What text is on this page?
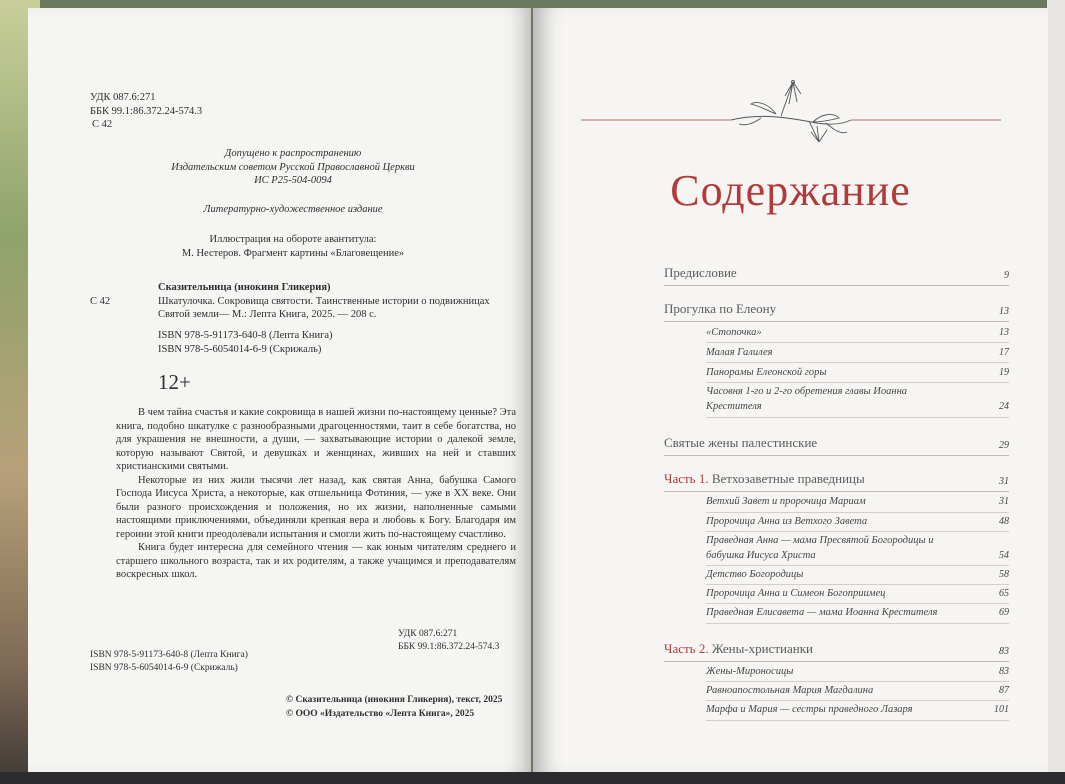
УДК 087.6:271
ББК 99.1:86.372.24-574.3
С 42
Допущено к распространению
Издательским советом Русской Православной Церкви
ИС Р25-504-0094
Литературно-художественное издание
Иллюстрация на обороте авантитула:
М. Нестеров. Фрагмент картины «Благовещение»
Сказительница (инокиня Гликерия)
С 42	Шкатулочка. Сокровища святости. Таинственные истории о подвижницах
Святой земли— М.: Лепта Книга, 2025. — 208 с.
ISBN 978-5-91173-640-8 (Лепта Книга)
ISBN 978-5-6054014-6-9 (Скрижаль)
12+

В чем тайна счастья и какие сокровища в нашей жизни по-настоящему ценные? Эта книга, подобно шкатулке с разнообразными драгоценностями, таит в себе богатства, но для украшения не внешности, а души, — захватывающие истории о далекой земле, которую называют Святой, и девушках и женщинах, живших на ней и ставших христианскими святыми.

Некоторые из них жили тысячи лет назад, как святая Анна, бабушка Самого Господа Иисуса Христа, а некоторые, как отшельница Фотиния, — уже в XX веке. Они были разного происхождения и положения, но их жизни, наполненные самыми настоящими приключениями, объединяли крепкая вера и любовь к Богу. Благодаря им героини этой книги преодолевали испытания и смогли жить по-настоящему счастливо.

Книга будет интересна для семейного чтения — как юным читателям среднего и старшего школьного возраста, так и их родителям, а также учащимся и преподавателям воскресных школ.

УДК 087.6:271
ББК 99.1:86.372.24-574.3
ISBN 978-5-91173-640-8 (Лепта Книга)
ISBN 978-5-6054014-6-9 (Скрижаль)
© Сказительница (инокиня Гликерия), текст, 2025
© ООО «Издательство «Лепта Книга», 2025
Содержание
Предисловие	9
Прогулка по Елеону	13
«Стопочка»	13
Малая Галилея	17
Панорамы Елеонской горы	19
Часовня 1-го и 2-го обретения главы Иоанна Крестителя	24
Святые жены палестинские	29
Часть 1. Ветхозаветные праведницы	31
Ветхий Завет и пророчица Мариам	31
Пророчица Анна из Ветхого Завета	48
Праведная Анна — мама Пресвятой Богородицы и бабушка Иисуса Христа	54
Детство Богородицы	58
Пророчица Анна и Симеон Богоприимец	65
Праведная Елисавета — мама Иоанна Крестителя	69
Часть 2. Жены-христианки	83
Жены-Мироносицы	83
Равноапостольная Мария Магдалина	87
Марфа и Мария — сестры праведного Лазаря	101
